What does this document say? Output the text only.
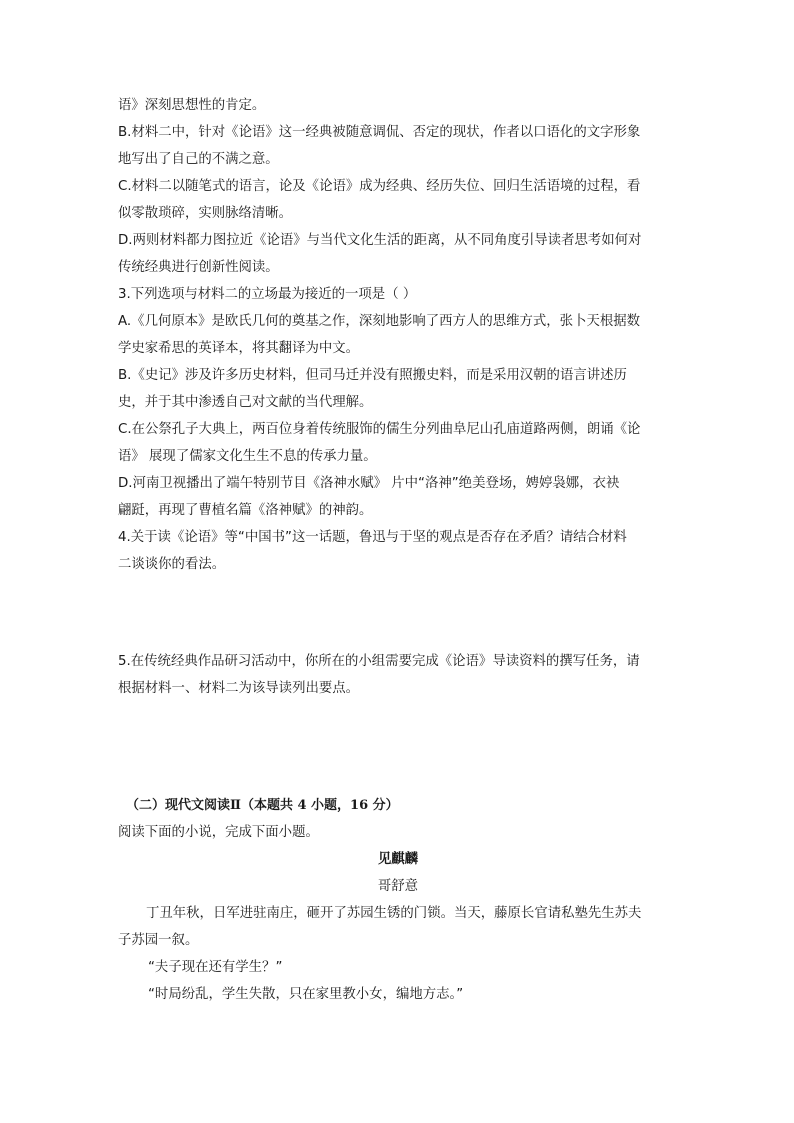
语》深刻思想性的肯定。
B.材料二中，针对《论语》这一经典被随意调侃、否定的现状，作者以口语化的文字形象
地写出了自己的不满之意。
C.材料二以随笔式的语言，论及《论语》成为经典、经历失位、回归生活语境的过程，看
似零散琐碎，实则脉络清晰。
D.两则材料都力图拉近《论语》与当代文化生活的距离，从不同角度引导读者思考如何对
传统经典进行创新性阅读。
3.下列选项与材料二的立场最为接近的一项是（ ）
A.《几何原本》是欧氏几何的奠基之作，深刻地影响了西方人的思维方式，张卜天根据数
学史家希思的英译本，将其翻译为中文。
B.《史记》涉及许多历史材料，但司马迁并没有照搬史料，而是采用汉朝的语言讲述历
史，并于其中渗透自己对文献的当代理解。
C.在公祭孔子大典上，两百位身着传统服饰的儒生分列曲阜尼山孔庙道路两侧，朗诵《论
语》 展现了儒家文化生生不息的传承力量。
D.河南卫视播出了端午特别节目《洛神水赋》 片中“洛神”绝美登场，娉婷袅娜，衣袂
翩跹，再现了曹植名篇《洛神赋》的神韵。
4.关于读《论语》等“中国书”这一话题，鲁迅与于坚的观点是否存在矛盾？请结合材料
二谈谈你的看法。
5.在传统经典作品研习活动中，你所在的小组需要完成《论语》导读资料的撰写任务，请
根据材料一、材料二为该导读列出要点。
（二）现代文阅读Ⅱ（本题共 4 小题，16 分）
阅读下面的小说，完成下面小题。
见麒麟
哥舒意
丁丑年秋，日军进驻南庄，砸开了苏园生锈的门锁。当天，藤原长官请私塾先生苏夫
子苏园一叙。
“夫子现在还有学生？”
“时局纷乱，学生失散，只在家里教小女，编地方志。”
